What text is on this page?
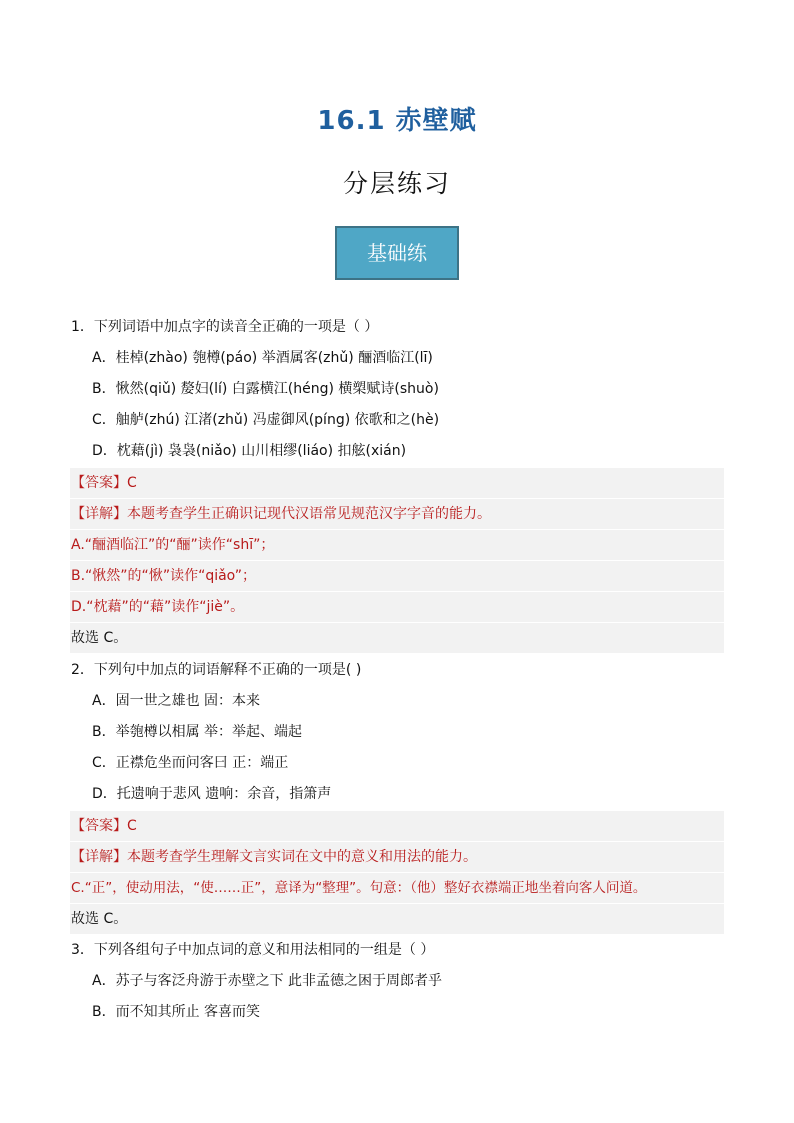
16.1 赤壁赋
分层练习
基础练
1．下列词语中加点字的读音全正确的一项是（ ）
A．桂棹(zhào) 匏樽(páo) 举酒属客(zhǔ) 酾酒临江(lī)
B．愀然(qiǔ) 嫠妇(lí) 白露横江(héng) 横槊赋诗(shuò)
C．舳舻(zhú) 江渚(zhǔ) 冯虚御风(píng) 依歌和之(hè)
D．枕藉(jì) 袅袅(niǎo) 山川相缪(liáo) 扣舷(xián)
【答案】C
【详解】本题考查学生正确识记现代汉语常见规范汉字字音的能力。
A.“酾酒临江”的“酾”读作“shī”；
B.“愀然”的“愀”读作“qiǎo”；
D.“枕藉”的“藉”读作“jiè”。
故选 C。
2．下列句中加点的词语解释不正确的一项是( )
A．固一世之雄也 固：本来
B．举匏樽以相属 举：举起、端起
C．正襟危坐而问客曰 正：端正
D．托遗响于悲风 遗响：余音，指箫声
【答案】C
【详解】本题考查学生理解文言实词在文中的意义和用法的能力。
C.“正”，使动用法，“使……正”，意译为“整理”。句意：（他）整好衣襟端正地坐着向客人问道。
故选 C。
3．下列各组句子中加点词的意义和用法相同的一组是（ ）
A．苏子与客泛舟游于赤壁之下 此非孟德之困于周郎者乎
B．而不知其所止 客喜而笑
